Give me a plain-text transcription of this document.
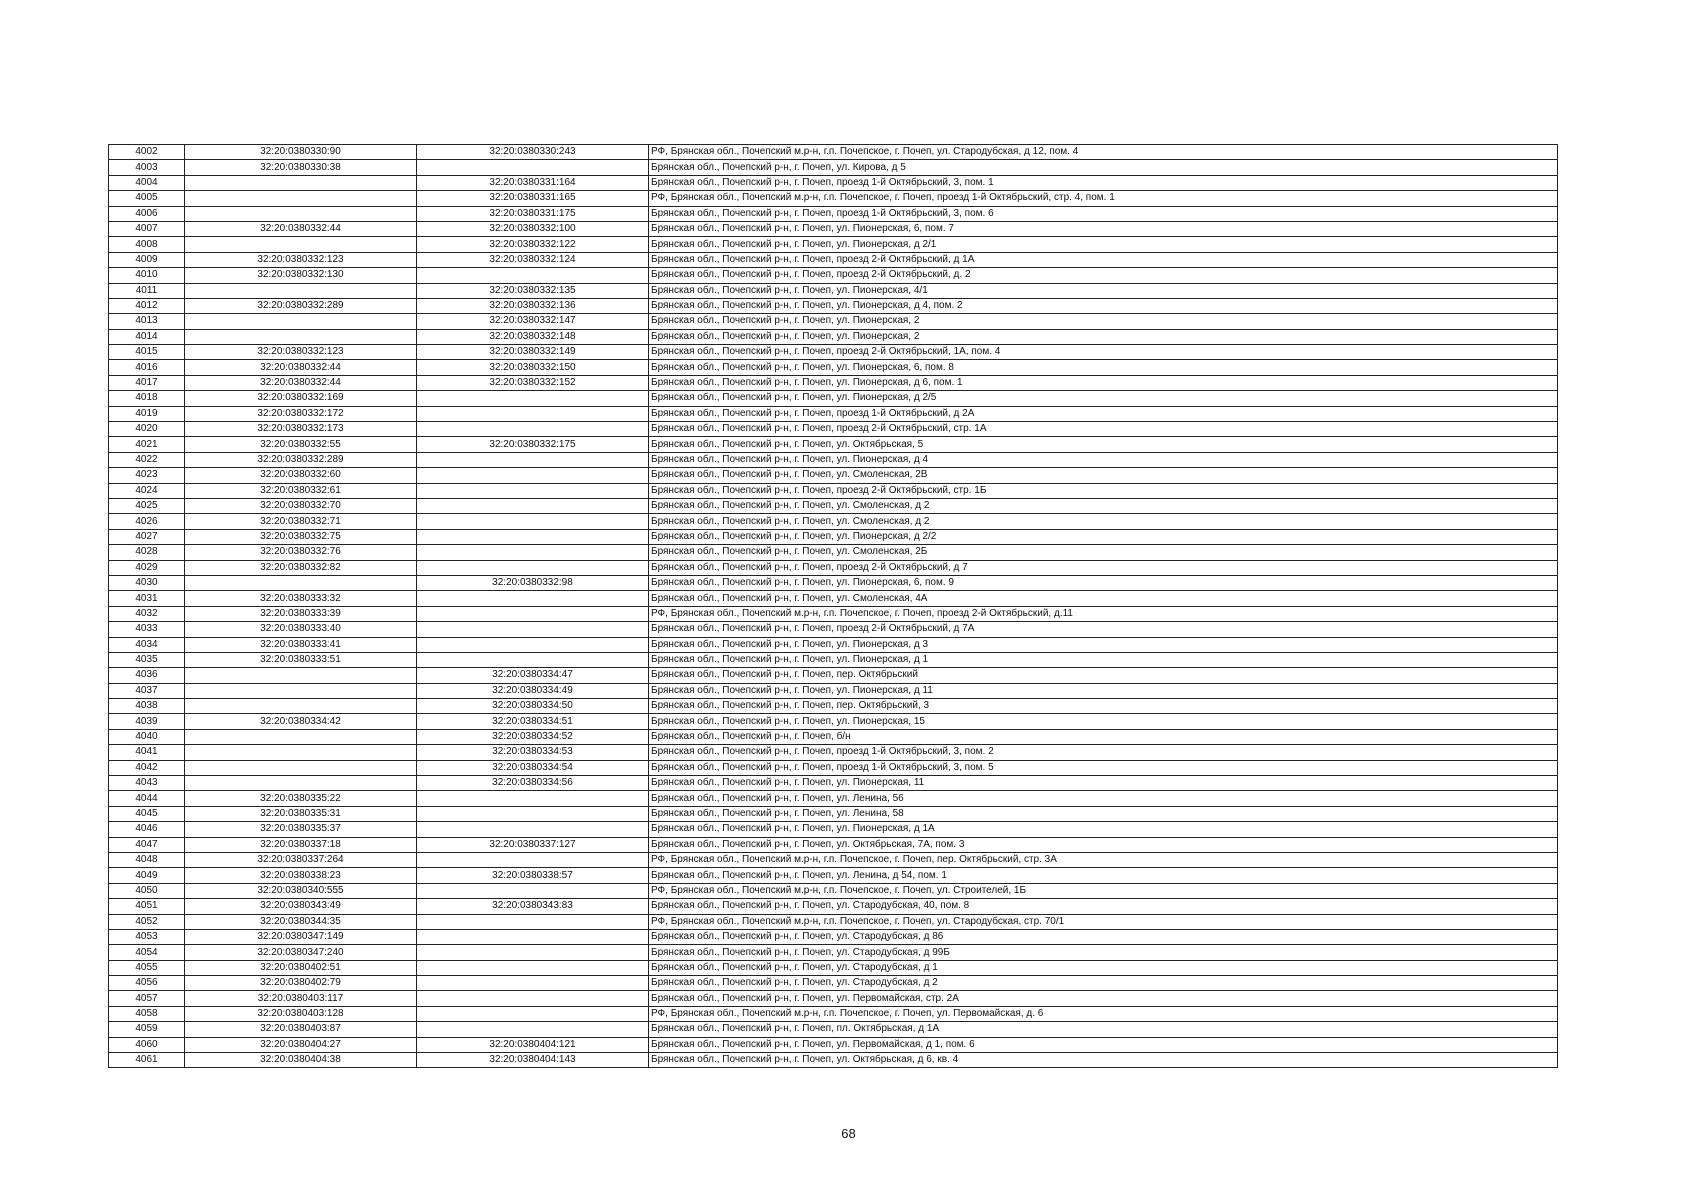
4002	32:20:0380330:90	32:20:0380330:243	РФ, Брянская обл., Почепский м.р-н, г.п. Почепское, г. Почеп, ул. Стародубская, д 12, пом. 4
4003	32:20:0380330:38		Брянская обл., Почепский р-н, г. Почеп, ул. Кирова, д 5
4004		32:20:0380331:164	Брянская обл., Почепский р-н, г. Почеп, проезд 1-й Октябрьский, 3, пом. 1
4005		32:20:0380331:165	РФ, Брянская обл., Почепский м.р-н, г.п. Почепское, г. Почеп, проезд 1-й Октябрьский, стр. 4, пом. 1
4006		32:20:0380331:175	Брянская обл., Почепский р-н, г. Почеп, проезд 1-й Октябрьский, 3, пом. 6
4007	32:20:0380332:44	32:20:0380332:100	Брянская обл., Почепский р-н, г. Почеп, ул. Пионерская, 6, пом. 7
4008		32:20:0380332:122	Брянская обл., Почепский р-н, г. Почеп, ул. Пионерская, д 2/1
4009	32:20:0380332:123	32:20:0380332:124	Брянская обл., Почепский р-н, г. Почеп, проезд 2-й Октябрьский, д 1А
4010	32:20:0380332:130		Брянская обл., Почепский р-н, г. Почеп, проезд 2-й Октябрьский, д. 2
4011		32:20:0380332:135	Брянская обл., Почепский р-н, г. Почеп, ул. Пионерская, 4/1
4012	32:20:0380332:289	32:20:0380332:136	Брянская обл., Почепский р-н, г. Почеп, ул. Пионерская, д 4, пом. 2
4013		32:20:0380332:147	Брянская обл., Почепский р-н, г. Почеп, ул. Пионерская, 2
4014		32:20:0380332:148	Брянская обл., Почепский р-н, г. Почеп, ул. Пионерская, 2
4015	32:20:0380332:123	32:20:0380332:149	Брянская обл., Почепский р-н, г. Почеп, проезд 2-й Октябрьский, 1А, пом. 4
4016	32:20:0380332:44	32:20:0380332:150	Брянская обл., Почепский р-н, г. Почеп, ул. Пионерская, 6, пом. 8
4017	32:20:0380332:44	32:20:0380332:152	Брянская обл., Почепский р-н, г. Почеп, ул. Пионерская, д 6, пом. 1
4018	32:20:0380332:169		Брянская обл., Почепский р-н, г. Почеп, ул. Пионерская, д 2/5
4019	32:20:0380332:172		Брянская обл., Почепский р-н, г. Почеп, проезд 1-й Октябрьский, д 2А
4020	32:20:0380332:173		Брянская обл., Почепский р-н, г. Почеп, проезд 2-й Октябрьский, стр. 1А
4021	32:20:0380332:55	32:20:0380332:175	Брянская обл., Почепский р-н, г. Почеп, ул. Октябрьская, 5
4022	32:20:0380332:289		Брянская обл., Почепский р-н, г. Почеп, ул. Пионерская, д 4
4023	32:20:0380332:60		Брянская обл., Почепский р-н, г. Почеп, ул. Смоленская, 2В
4024	32:20:0380332:61		Брянская обл., Почепский р-н, г. Почеп, проезд 2-й Октябрьский, стр. 1Б
4025	32:20:0380332:70		Брянская обл., Почепский р-н, г. Почеп, ул. Смоленская, д 2
4026	32:20:0380332:71		Брянская обл., Почепский р-н, г. Почеп, ул. Смоленская, д 2
4027	32:20:0380332:75		Брянская обл., Почепский р-н, г. Почеп, ул. Пионерская, д 2/2
4028	32:20:0380332:76		Брянская обл., Почепский р-н, г. Почеп, ул. Смоленская, 2Б
4029	32:20:0380332:82		Брянская обл., Почепский р-н, г. Почеп, проезд 2-й Октябрьский, д 7
4030		32:20:0380332:98	Брянская обл., Почепский р-н, г. Почеп, ул. Пионерская, 6, пом. 9
4031	32:20:0380333:32		Брянская обл., Почепский р-н, г. Почеп, ул. Смоленская, 4А
4032	32:20:0380333:39		РФ, Брянская обл., Почепский м.р-н, г.п. Почепское, г. Почеп, проезд 2-й Октябрьский, д.11
4033	32:20:0380333:40		Брянская обл., Почепский р-н, г. Почеп, проезд 2-й Октябрьский, д 7А
4034	32:20:0380333:41		Брянская обл., Почепский р-н, г. Почеп, ул. Пионерская, д 3
4035	32:20:0380333:51		Брянская обл., Почепский р-н, г. Почеп, ул. Пионерская, д 1
4036		32:20:0380334:47	Брянская обл., Почепский р-н, г. Почеп, пер. Октябрьский
4037		32:20:0380334:49	Брянская обл., Почепский р-н, г. Почеп, ул. Пионерская, д 11
4038		32:20:0380334:50	Брянская обл., Почепский р-н, г. Почеп, пер. Октябрьский, 3
4039	32:20:0380334:42	32:20:0380334:51	Брянская обл., Почепский р-н, г. Почеп, ул. Пионерская, 15
4040		32:20:0380334:52	Брянская обл., Почепский р-н, г. Почеп, б/н
4041		32:20:0380334:53	Брянская обл., Почепский р-н, г. Почеп, проезд 1-й Октябрьский, 3, пом. 2
4042		32:20:0380334:54	Брянская обл., Почепский р-н, г. Почеп, проезд 1-й Октябрьский, 3, пом. 5
4043		32:20:0380334:56	Брянская обл., Почепский р-н, г. Почеп, ул. Пионерская, 11
4044	32:20:0380335:22		Брянская обл., Почепский р-н, г. Почеп, ул. Ленина, 56
4045	32:20:0380335:31		Брянская обл., Почепский р-н, г. Почеп, ул. Ленина, 58
4046	32:20:0380335:37		Брянская обл., Почепский р-н, г. Почеп, ул. Пионерская, д 1А
4047	32:20:0380337:18	32:20:0380337:127	Брянская обл., Почепский р-н, г. Почеп, ул. Октябрьская, 7А, пом. 3
4048	32:20:0380337:264		РФ, Брянская обл., Почепский м.р-н, г.п. Почепское, г. Почеп, пер. Октябрьский, стр. 3А
4049	32:20:0380338:23	32:20:0380338:57	Брянская обл., Почепский р-н, г. Почеп, ул. Ленина, д 54, пом. 1
4050	32:20:0380340:555		РФ, Брянская обл., Почепский м.р-н, г.п. Почепское, г. Почеп, ул. Строителей, 1Б
4051	32:20:0380343:49	32:20:0380343:83	Брянская обл., Почепский р-н, г. Почеп, ул. Стародубская, 40, пом. 8
4052	32:20:0380344:35		РФ, Брянская обл., Почепский м.р-н, г.п. Почепское, г. Почеп, ул. Стародубская, стр. 70/1
4053	32:20:0380347:149		Брянская обл., Почепский р-н, г. Почеп, ул. Стародубская, д 86
4054	32:20:0380347:240		Брянская обл., Почепский р-н, г. Почеп, ул. Стародубская, д 99Б
4055	32:20:0380402:51		Брянская обл., Почепский р-н, г. Почеп, ул. Стародубская, д 1
4056	32:20:0380402:79		Брянская обл., Почепский р-н, г. Почеп, ул. Стародубская, д 2
4057	32:20:0380403:117		Брянская обл., Почепский р-н, г. Почеп, ул. Первомайская, стр. 2А
4058	32:20:0380403:128		РФ, Брянская обл., Почепский м.р-н, г.п. Почепское, г. Почеп, ул. Первомайская, д. 6
4059	32:20:0380403:87		Брянская обл., Почепский р-н, г. Почеп, пл. Октябрьская, д 1А
4060	32:20:0380404:27	32:20:0380404:121	Брянская обл., Почепский р-н, г. Почеп, ул. Первомайская, д 1, пом. 6
4061	32:20:0380404:38	32:20:0380404:143	Брянская обл., Почепский р-н, г. Почеп, ул. Октябрьская, д 6, кв. 4
68
